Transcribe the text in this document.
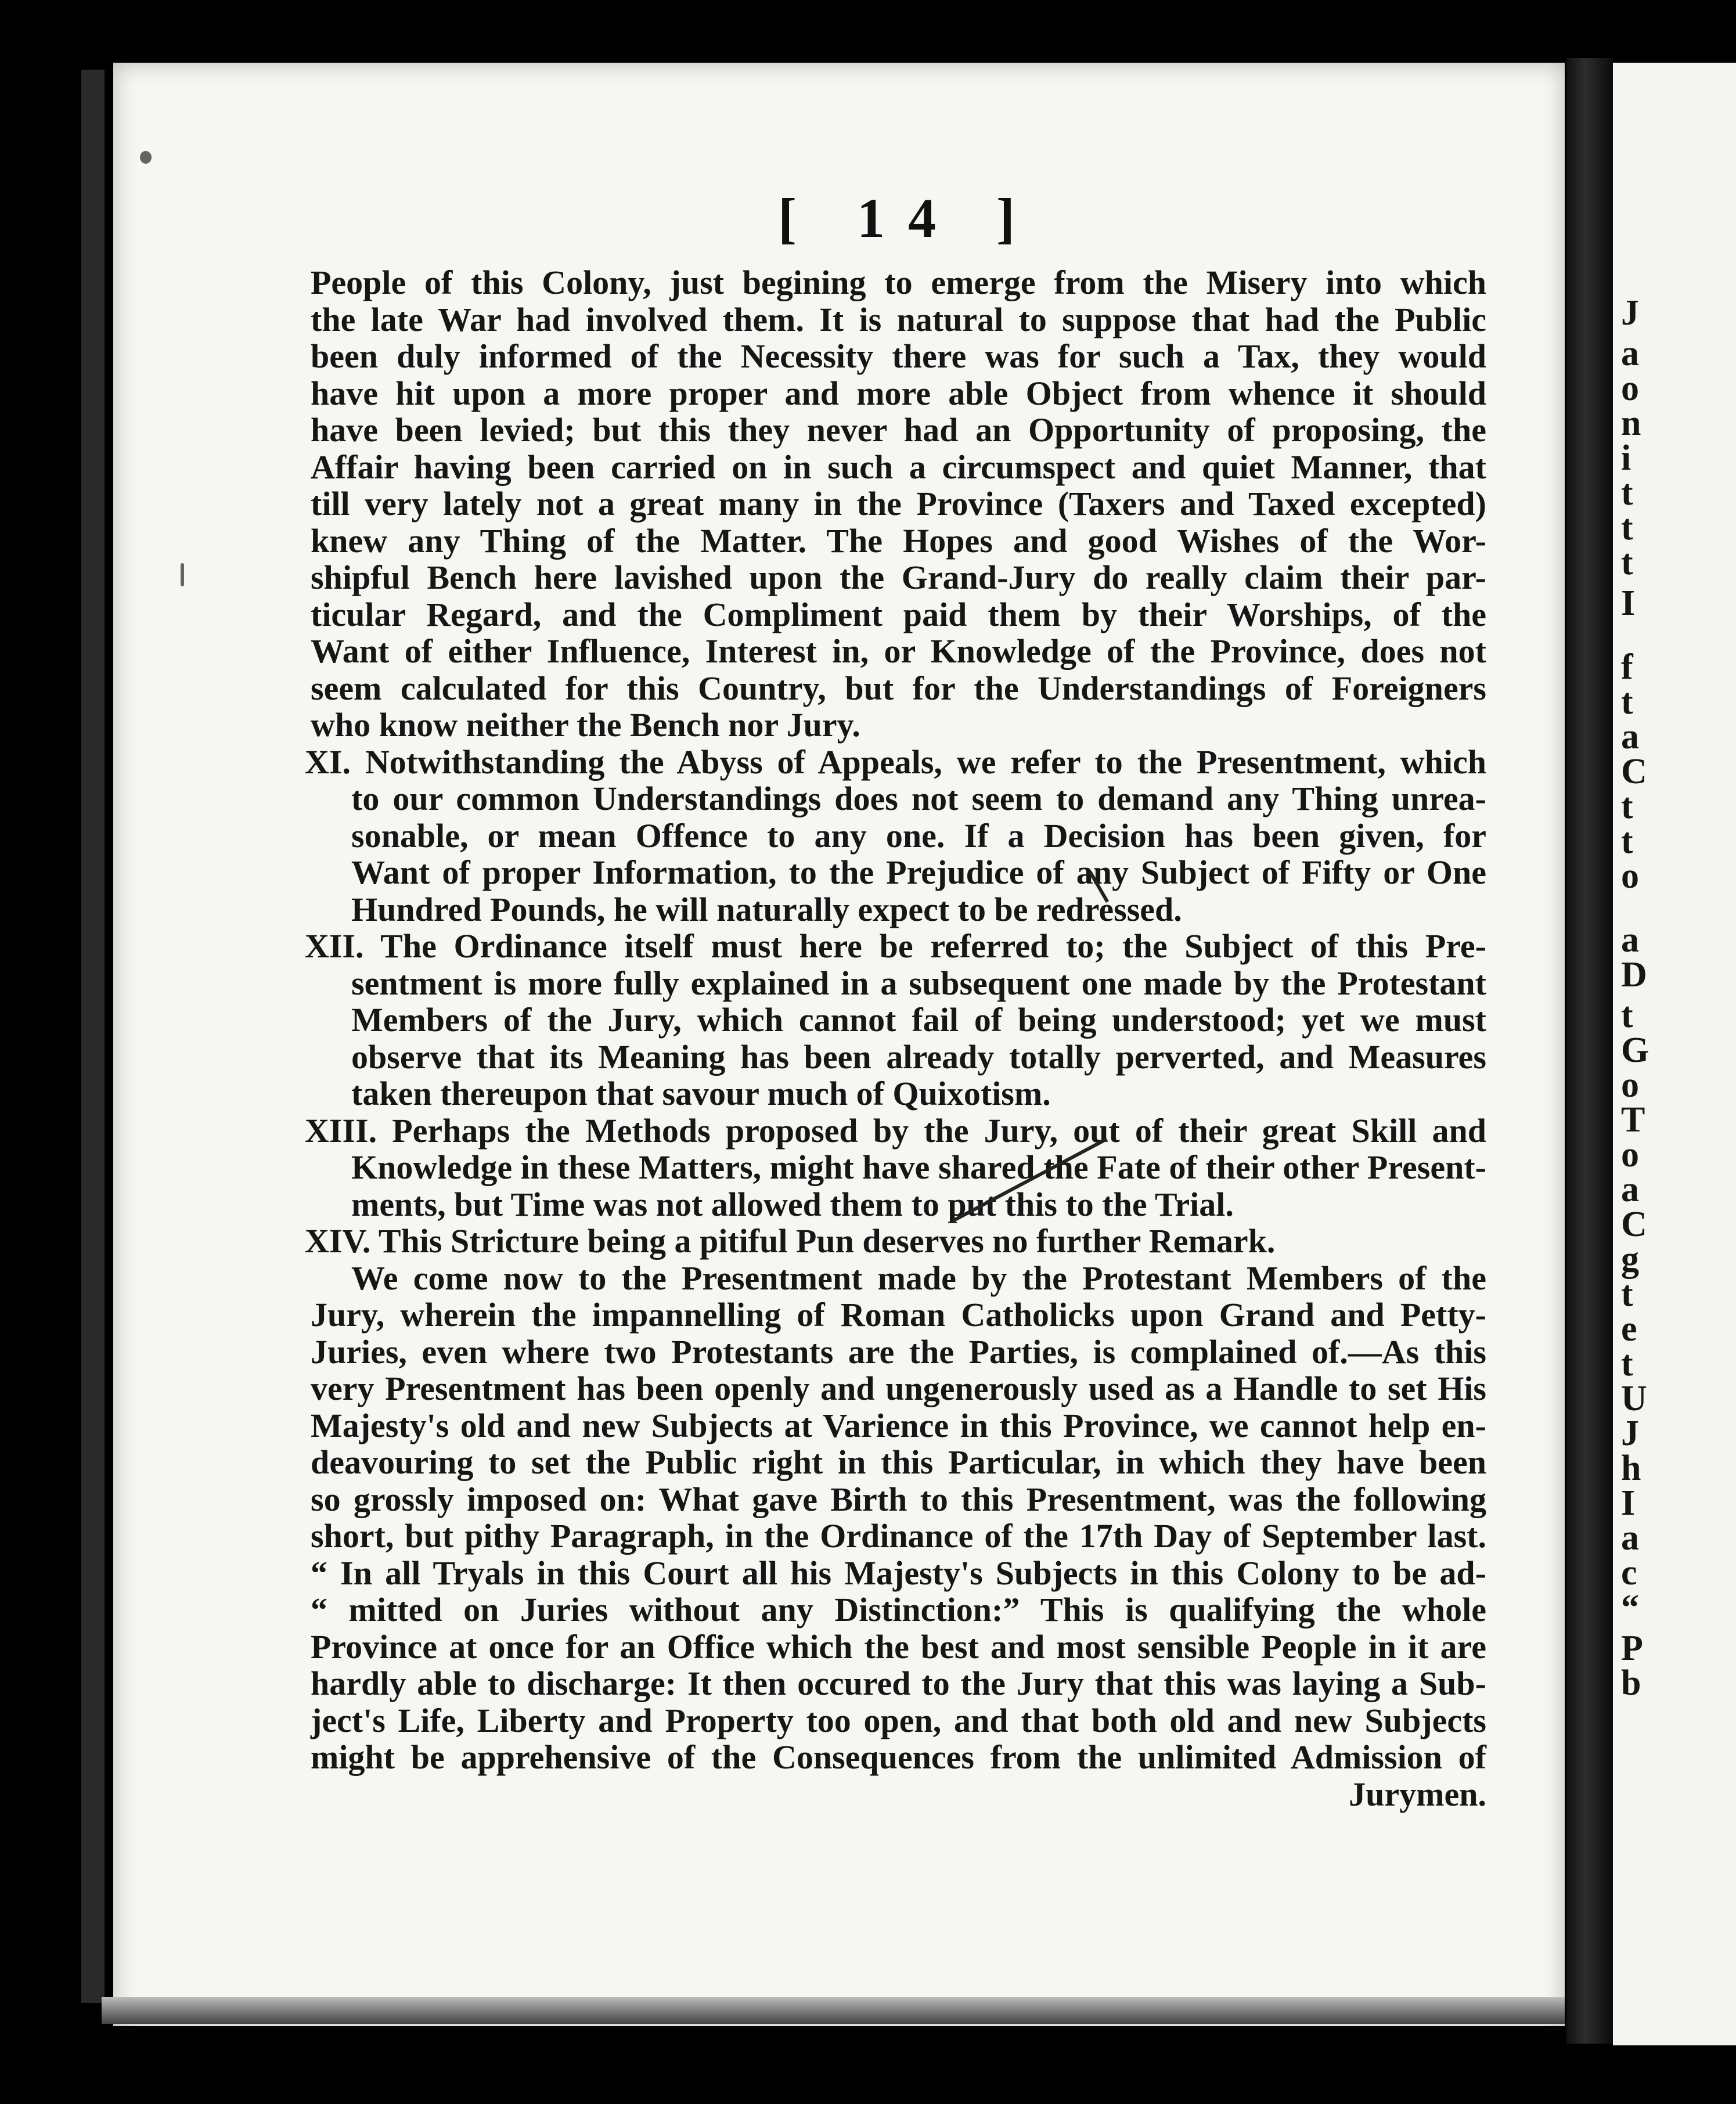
[ 14 ]
People of this Colony, just begining to emerge from the Misery into which
the late War had involved them. It is natural to suppose that had the Public
been duly informed of the Necessity there was for such a Tax, they would
have hit upon a more proper and more able Object from whence it should
have been levied; but this they never had an Opportunity of proposing, the
Affair having been carried on in such a circumspect and quiet Manner, that
till very lately not a great many in the Province (Taxers and Taxed excepted)
knew any Thing of the Matter. The Hopes and good Wishes of the Wor-
shipful Bench here lavished upon the Grand-Jury do really claim their par-
ticular Regard, and the Compliment paid them by their Worships, of the
Want of either Influence, Interest in, or Knowledge of the Province, does not
seem calculated for this Country, but for the Understandings of Foreigners
who know neither the Bench nor Jury.
XI. Notwithstanding the Abyss of Appeals, we refer to the Presentment, which
to our common Understandings does not seem to demand any Thing unrea-
sonable, or mean Offence to any one. If a Decision has been given, for
Want of proper Information, to the Prejudice of any Subject of Fifty or One
Hundred Pounds, he will naturally expect to be redressed.
XII. The Ordinance itself must here be referred to; the Subject of this Pre-
sentment is more fully explained in a subsequent one made by the Protestant
Members of the Jury, which cannot fail of being understood; yet we must
observe that its Meaning has been already totally perverted, and Measures
taken thereupon that savour much of Quixotism.
XIII. Perhaps the Methods proposed by the Jury, out of their great Skill and
Knowledge in these Matters, might have shared the Fate of their other Present-
ments, but Time was not allowed them to put this to the Trial.
XIV. This Stricture being a pitiful Pun deserves no further Remark.
We come now to the Presentment made by the Protestant Members of the
Jury, wherein the impannelling of Roman Catholicks upon Grand and Petty-
Juries, even where two Protestants are the Parties, is complained of.—As this
very Presentment has been openly and ungenerously used as a Handle to set His
Majesty's old and new Subjects at Varience in this Province, we cannot help en-
deavouring to set the Public right in this Particular, in which they have been
so grossly imposed on: What gave Birth to this Presentment, was the following
short, but pithy Paragraph, in the Ordinance of the 17th Day of September last.
“ In all Tryals in this Court all his Majesty's Subjects in this Colony to be ad-
“ mitted on Juries without any Distinction:” This is qualifying the whole
Province at once for an Office which the best and most sensible People in it are
hardly able to discharge: It then occured to the Jury that this was laying a Sub-
ject's Life, Liberty and Property too open, and that both old and new Subjects
might be apprehensive of the Consequences from the unlimited Admission of
Jurymen.
J
a
o
n
i
t
t
t
I
f
t
a
C
t
t
o
a
D
t
G
o
T
o
a
C
g
t
e
t
U
J
h
I
a
c
“
P
b
